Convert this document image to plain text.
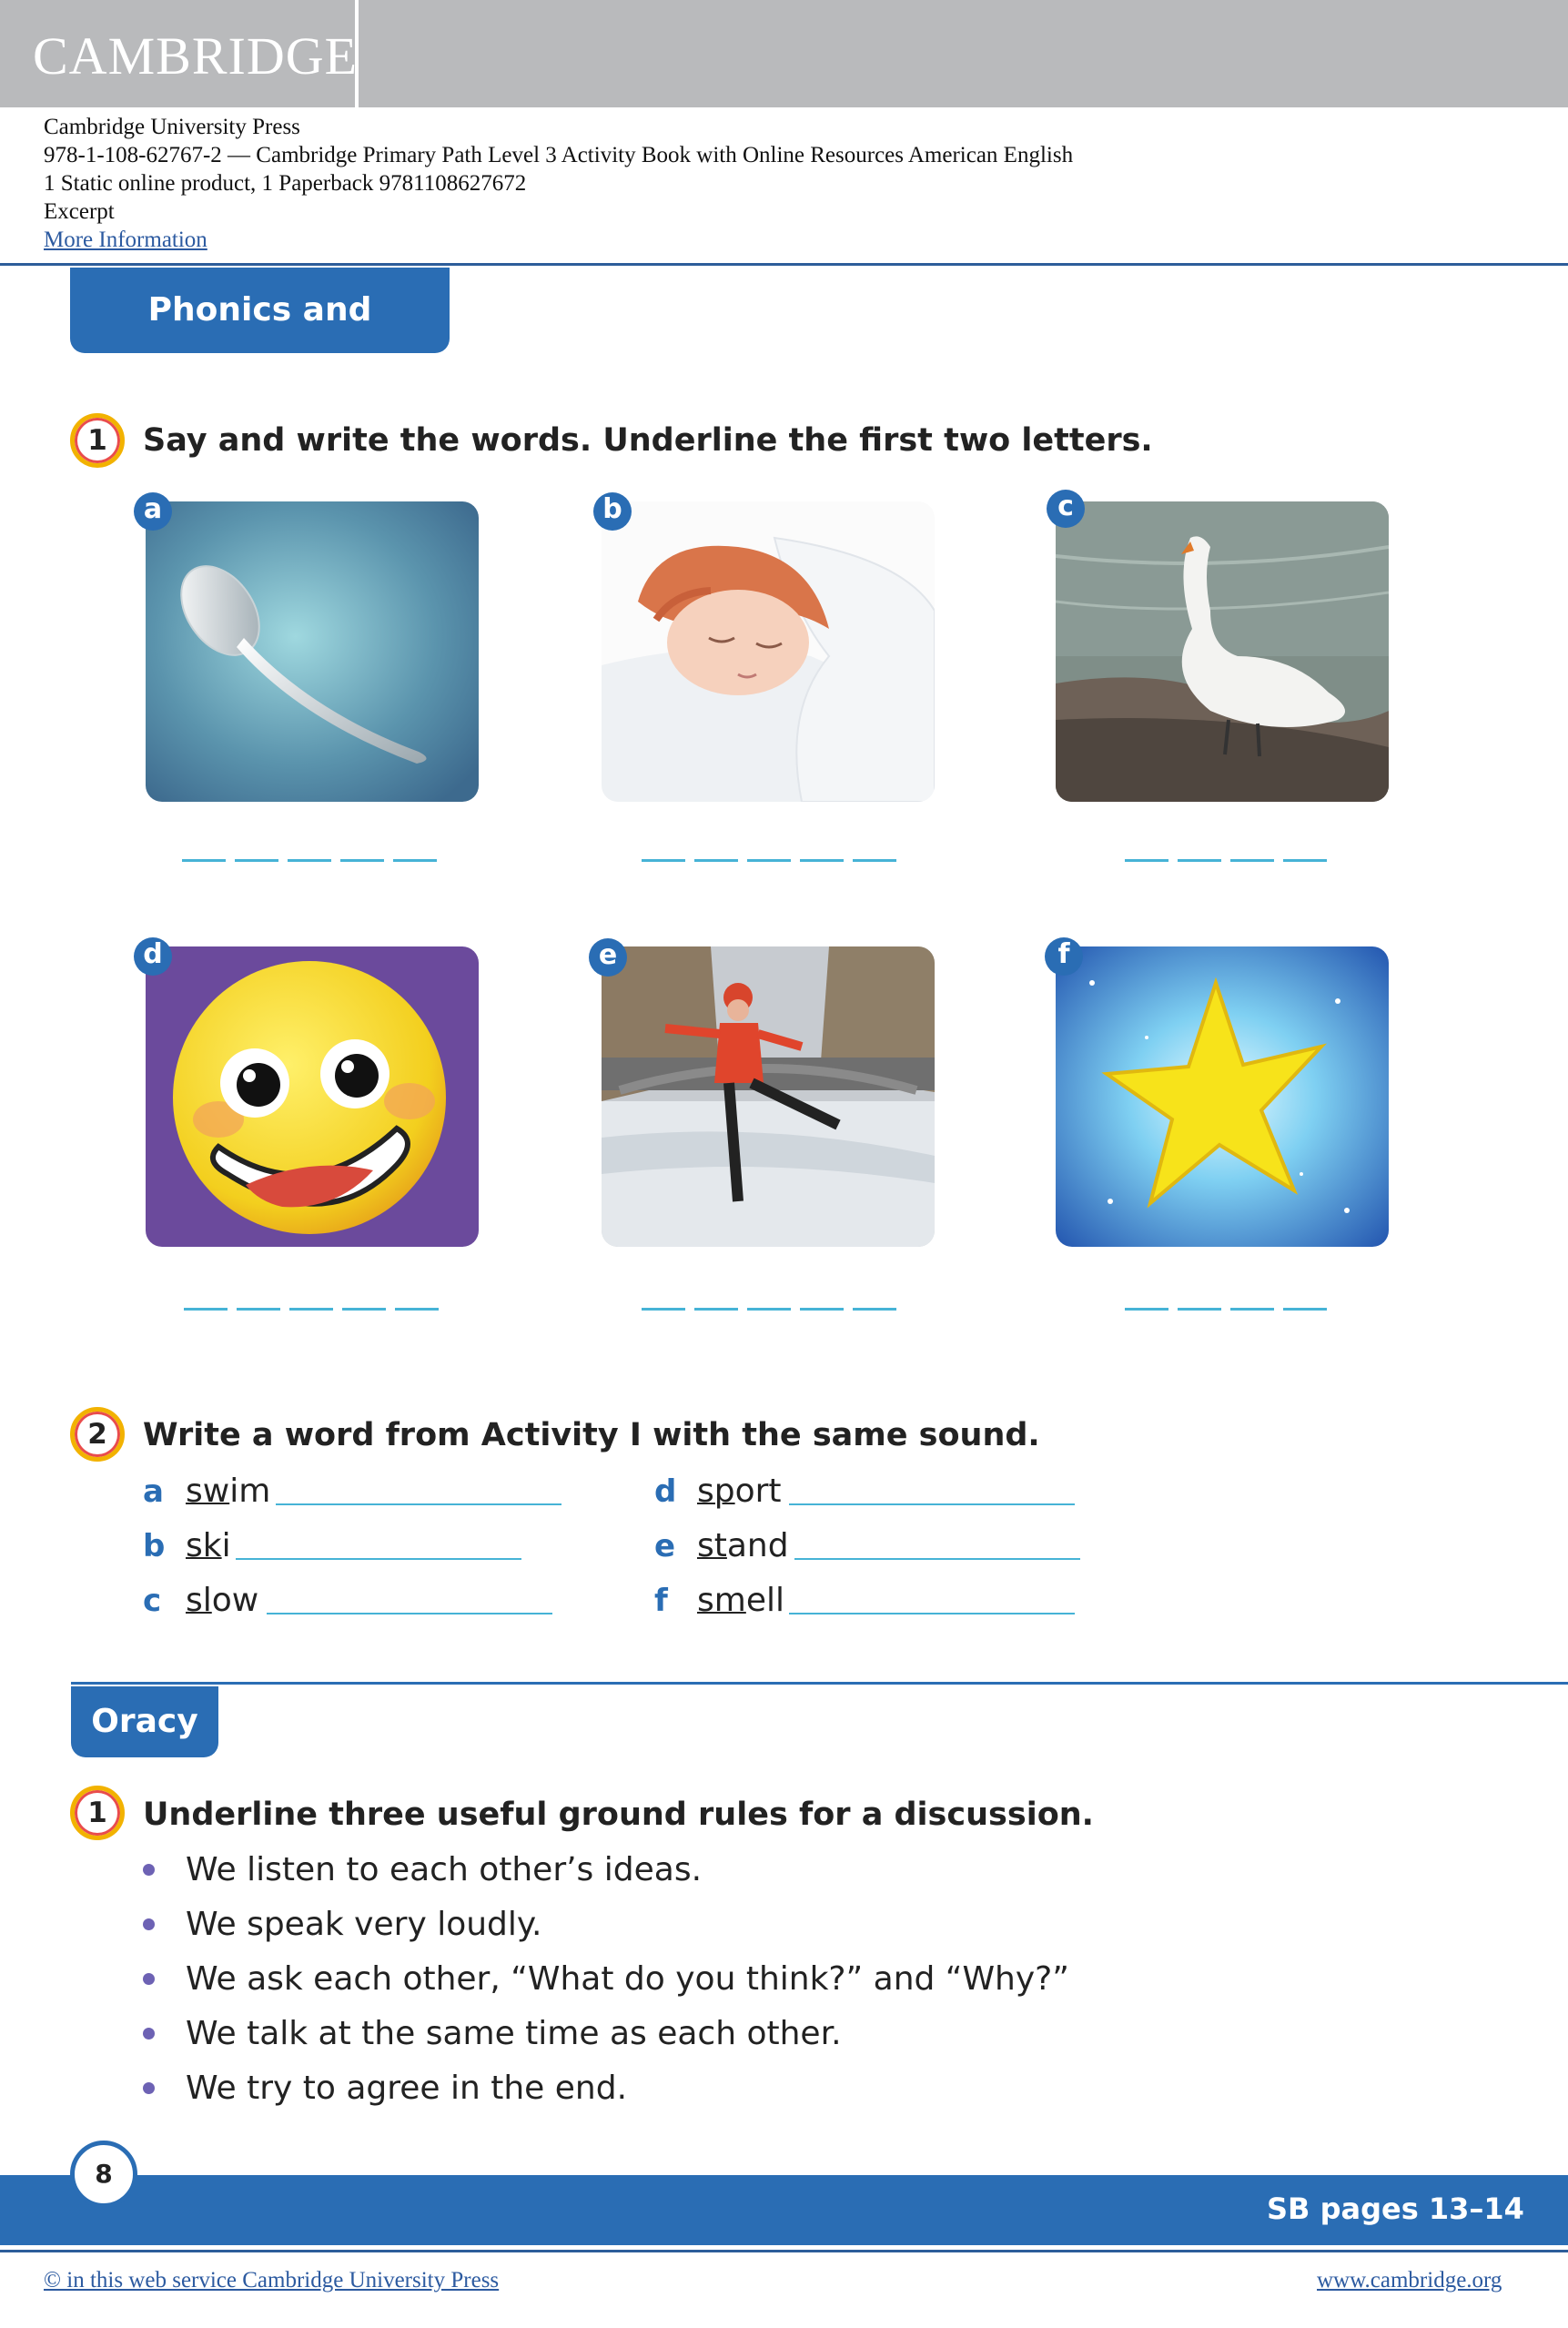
CAMBRIDGE
Cambridge University Press
978-1-108-62767-2 — Cambridge Primary Path Level 3 Activity Book with Online Resources American English
1 Static online product, 1 Paperback 9781108627672
Excerpt
More Information
Phonics and Spelling
1	Say and write the words. Underline the first two letters.
a	b	c
d	e	f
2	Write a word from Activity I with the same sound.
a swim
b ski
c slow
d sport
e stand
f smell
Oracy
1	Underline three useful ground rules for a discussion.
We listen to each other’s ideas.
We speak very loudly.
We ask each other, “What do you think?” and “Why?”
We talk at the same time as each other.
We try to agree in the end.
8
SB pages 13–14
© in this web service Cambridge University Press	www.cambridge.org
